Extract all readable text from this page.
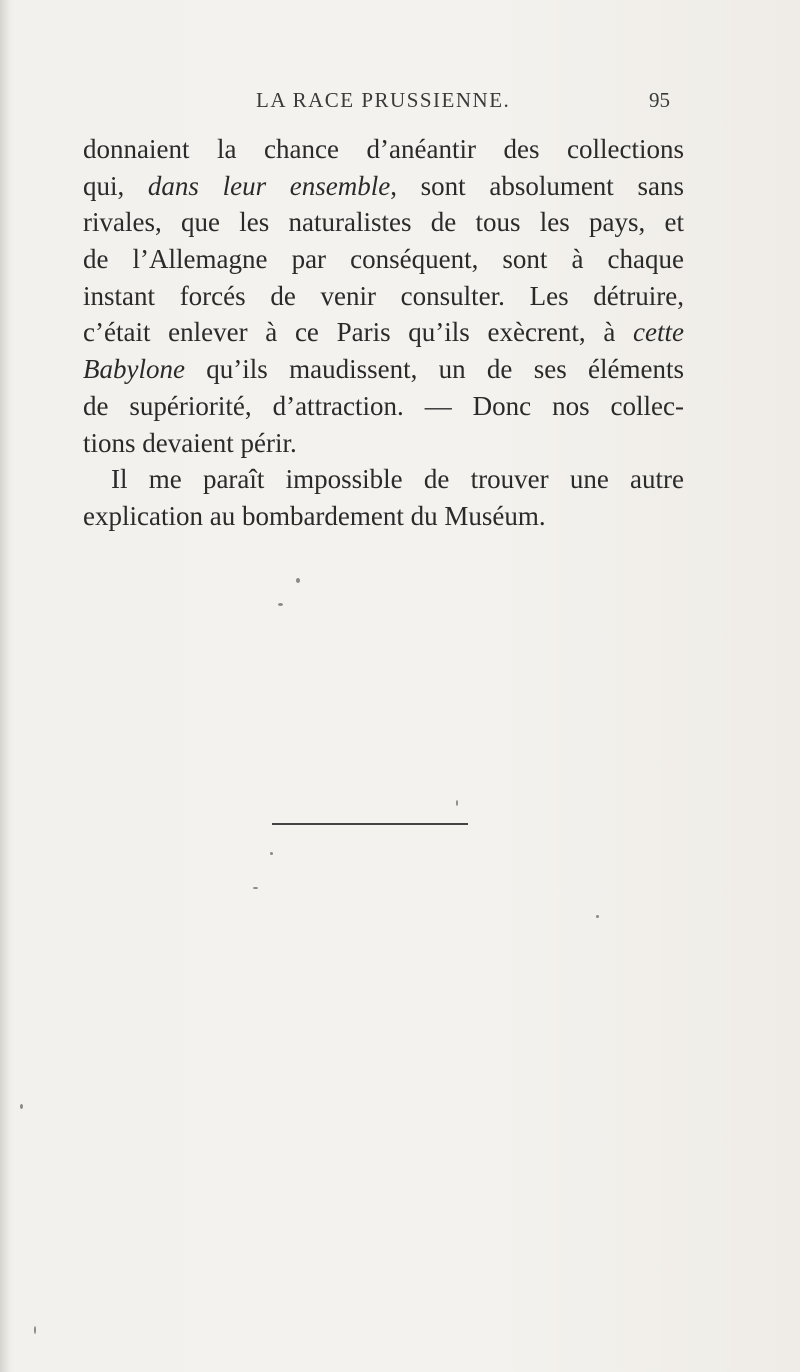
LA RACE PRUSSIENNE.	95
donnaient la chance d’anéantir des collections
qui, dans leur ensemble, sont absolument sans
rivales, que les naturalistes de tous les pays, et
de l’Allemagne par conséquent, sont à chaque
instant forcés de venir consulter. Les détruire,
c’était enlever à ce Paris qu’ils exècrent, à cette
Babylone qu’ils maudissent, un de ses éléments
de supériorité, d’attraction. — Donc nos collec-
tions devaient périr.
Il me paraît impossible de trouver une autre
explication au bombardement du Muséum.
